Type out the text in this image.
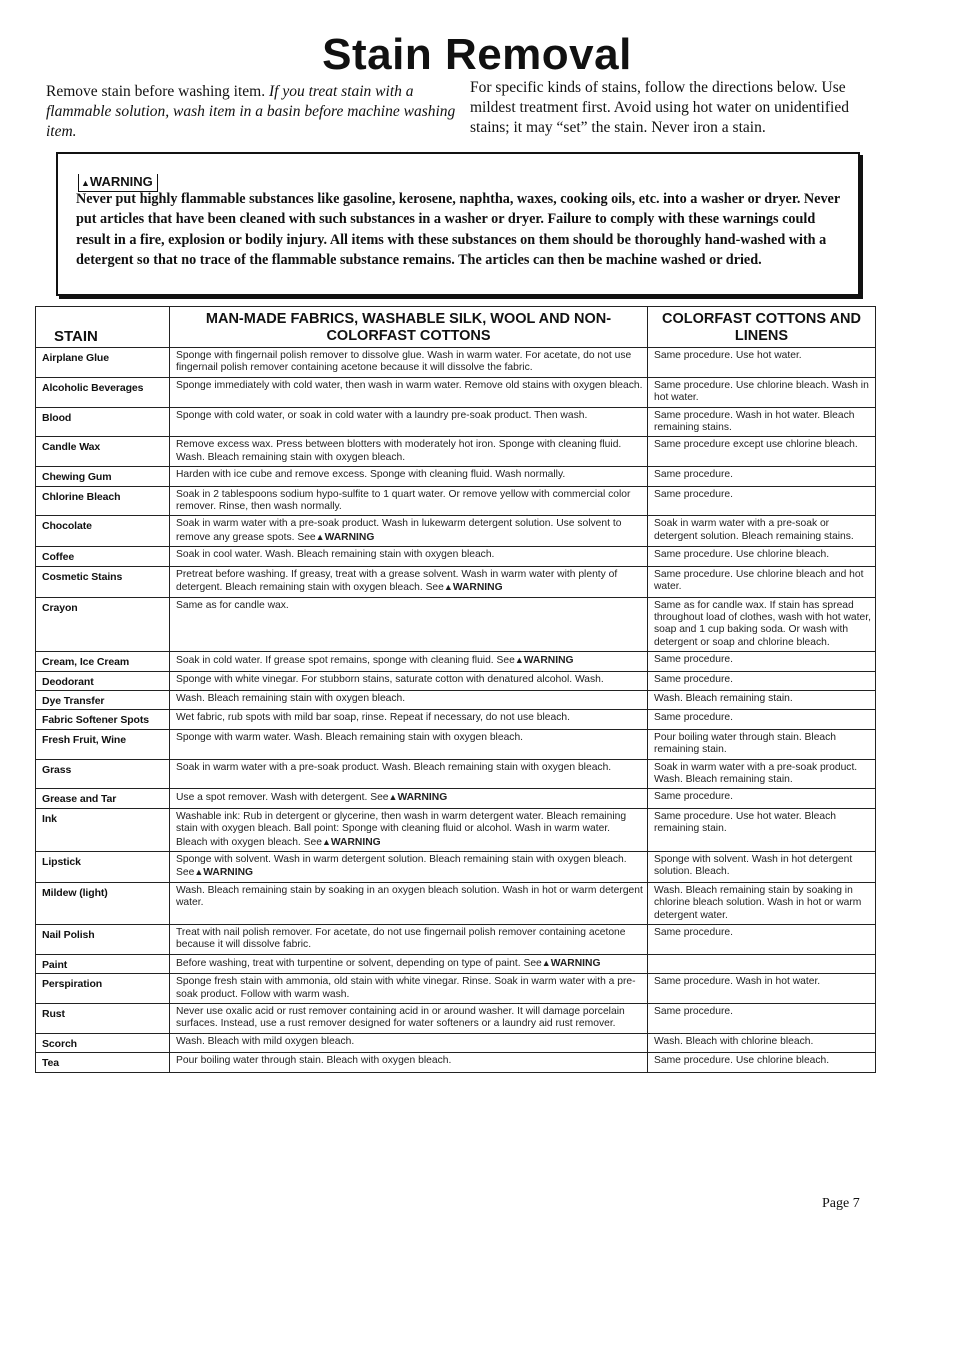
Stain Removal
Remove stain before washing item. If you treat stain with a flammable solution, wash item in a basin before machine washing item.
For specific kinds of stains, follow the directions below. Use mildest treatment first. Avoid using hot water on unidentified stains; it may “set” the stain. Never iron a stain.
▲WARNING
Never put highly flammable substances like gasoline, kerosene, naphtha, waxes, cooking oils, etc. into a washer or dryer. Never put articles that have been cleaned with such substances in a washer or dryer. Failure to comply with these warnings could result in a fire, explosion or bodily injury. All items with these substances on them should be thoroughly hand-washed with a detergent so that no trace of the flammable substance remains. The articles can then be machine washed or dried.
STAIN	MAN-MADE FABRICS, WASHABLE SILK, WOOL AND NON-COLORFAST COTTONS	COLORFAST COTTONS AND LINENS
Airplane Glue	Sponge with fingernail polish remover to dissolve glue. Wash in warm water. For acetate, do not use fingernail polish remover containing acetone because it will dissolve the fabric.	Same procedure. Use hot water.
Alcoholic Beverages	Sponge immediately with cold water, then wash in warm water. Remove old stains with oxygen bleach.	Same procedure. Use chlorine bleach. Wash in hot water.
Blood	Sponge with cold water, or soak in cold water with a laundry pre-soak product. Then wash.	Same procedure. Wash in hot water. Bleach remaining stains.
Candle Wax	Remove excess wax. Press between blotters with moderately hot iron. Sponge with cleaning fluid. Wash. Bleach remaining stain with oxygen bleach.	Same procedure except use chlorine bleach.
Chewing Gum	Harden with ice cube and remove excess. Sponge with cleaning fluid. Wash normally.	Same procedure.
Chlorine Bleach	Soak in 2 tablespoons sodium hypo-sulfite to 1 quart water. Or remove yellow with commercial color remover. Rinse, then wash normally.	Same procedure.
Chocolate	Soak in warm water with a pre-soak product. Wash in lukewarm detergent solution. Use solvent to remove any grease spots. See▲WARNING	Soak in warm water with a pre-soak or detergent solution. Bleach remaining stains.
Coffee	Soak in cool water. Wash. Bleach remaining stain with oxygen bleach.	Same procedure. Use chlorine bleach.
Cosmetic Stains	Pretreat before washing. If greasy, treat with a grease solvent. Wash in warm water with plenty of detergent. Bleach remaining stain with oxygen bleach. See▲WARNING	Same procedure. Use chlorine bleach and hot water.
Crayon	Same as for candle wax.	Same as for candle wax. If stain has spread throughout load of clothes, wash with hot water, soap and 1 cup baking soda. Or wash with detergent or soap and chlorine bleach.
Cream, Ice Cream	Soak in cold water. If grease spot remains, sponge with cleaning fluid. See▲WARNING	Same procedure.
Deodorant	Sponge with white vinegar. For stubborn stains, saturate cotton with denatured alcohol. Wash.	Same procedure.
Dye Transfer	Wash. Bleach remaining stain with oxygen bleach.	Wash. Bleach remaining stain.
Fabric Softener Spots	Wet fabric, rub spots with mild bar soap, rinse. Repeat if necessary, do not use bleach.	Same procedure.
Fresh Fruit, Wine	Sponge with warm water. Wash. Bleach remaining stain with oxygen bleach.	Pour boiling water through stain. Bleach remaining stain.
Grass	Soak in warm water with a pre-soak product. Wash. Bleach remaining stain with oxygen bleach.	Soak in warm water with a pre-soak product. Wash. Bleach remaining stain.
Grease and Tar	Use a spot remover. Wash with detergent. See▲WARNING	Same procedure.
Ink	Washable ink: Rub in detergent or glycerine, then wash in warm detergent water. Bleach remaining stain with oxygen bleach. Ball point: Sponge with cleaning fluid or alcohol. Wash in warm water. Bleach with oxygen bleach. See▲WARNING	Same procedure. Use hot water. Bleach remaining stain.
Lipstick	Sponge with solvent. Wash in warm detergent solution. Bleach remaining stain with oxygen bleach. See▲WARNING	Sponge with solvent. Wash in hot detergent solution. Bleach.
Mildew (light)	Wash. Bleach remaining stain by soaking in an oxygen bleach solution. Wash in hot or warm detergent water.	Wash. Bleach remaining stain by soaking in chlorine bleach solution. Wash in hot or warm detergent water.
Nail Polish	Treat with nail polish remover. For acetate, do not use fingernail polish remover containing acetone because it will dissolve fabric.	Same procedure.
Paint	Before washing, treat with turpentine or solvent, depending on type of paint. See▲WARNING	
Perspiration	Sponge fresh stain with ammonia, old stain with white vinegar. Rinse. Soak in warm water with a pre-soak product. Follow with warm wash.	Same procedure. Wash in hot water.
Rust	Never use oxalic acid or rust remover containing acid in or around washer. It will damage porcelain surfaces. Instead, use a rust remover designed for water softeners or a laundry aid rust remover.	Same procedure.
Scorch	Wash. Bleach with mild oxygen bleach.	Wash. Bleach with chlorine bleach.
Tea	Pour boiling water through stain. Bleach with oxygen bleach.	Same procedure. Use chlorine bleach.
Page 7
